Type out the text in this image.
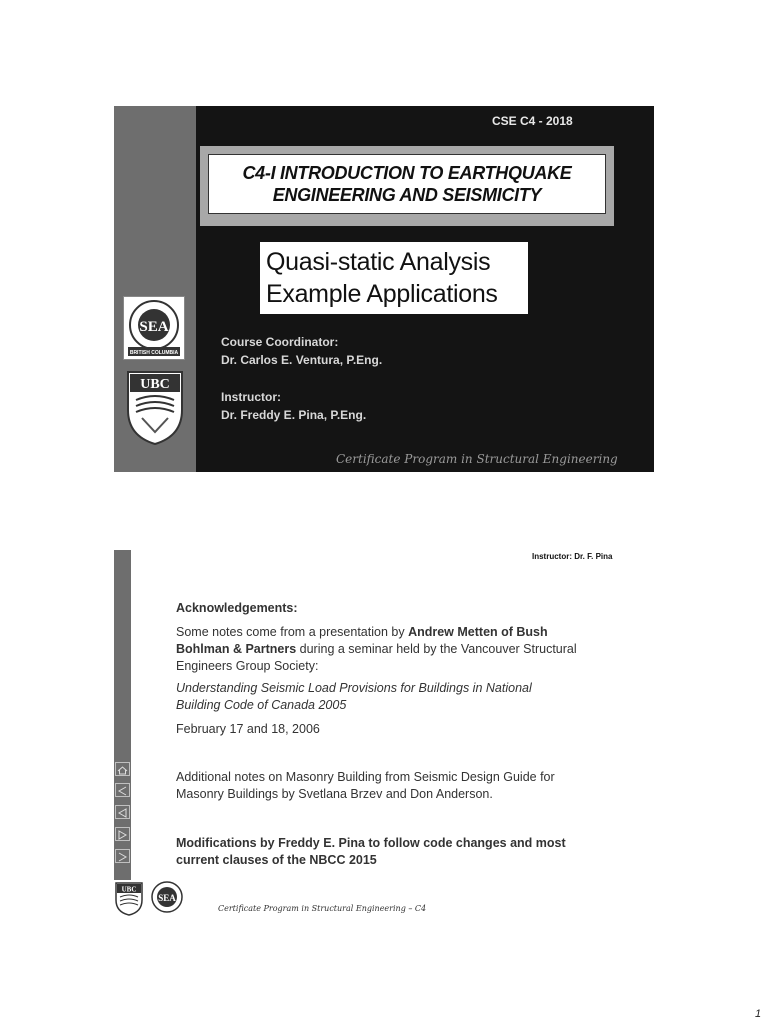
SEA
BRITISH COLUMBIA
UBC
CSE C4 - 2018
C4-I INTRODUCTION TO EARTHQUAKE
ENGINEERING AND SEISMICITY
Quasi-static Analysis
Example Applications
Course Coordinator:
Dr. Carlos E. Ventura, P.Eng.
Instructor:
Dr. Freddy E. Pina, P.Eng.
Certificate Program in Structural Engineering
Instructor: Dr. F. Pina
Acknowledgements:
Some notes come from a presentation by Andrew Metten of Bush Bohlman & Partners during a seminar held by the Vancouver Structural Engineers Group Society:
Understanding Seismic Load Provisions for Buildings in National Building Code of Canada 2005
February 17 and 18, 2006
Additional notes on Masonry Building from Seismic Design Guide for Masonry Buildings by Svetlana Brzev and Don Anderson.
Modifications by Freddy E. Pina to follow code changes and most current clauses of the NBCC 2015
UBC
SEA
Certificate Program in Structural Engineering – C4
1
